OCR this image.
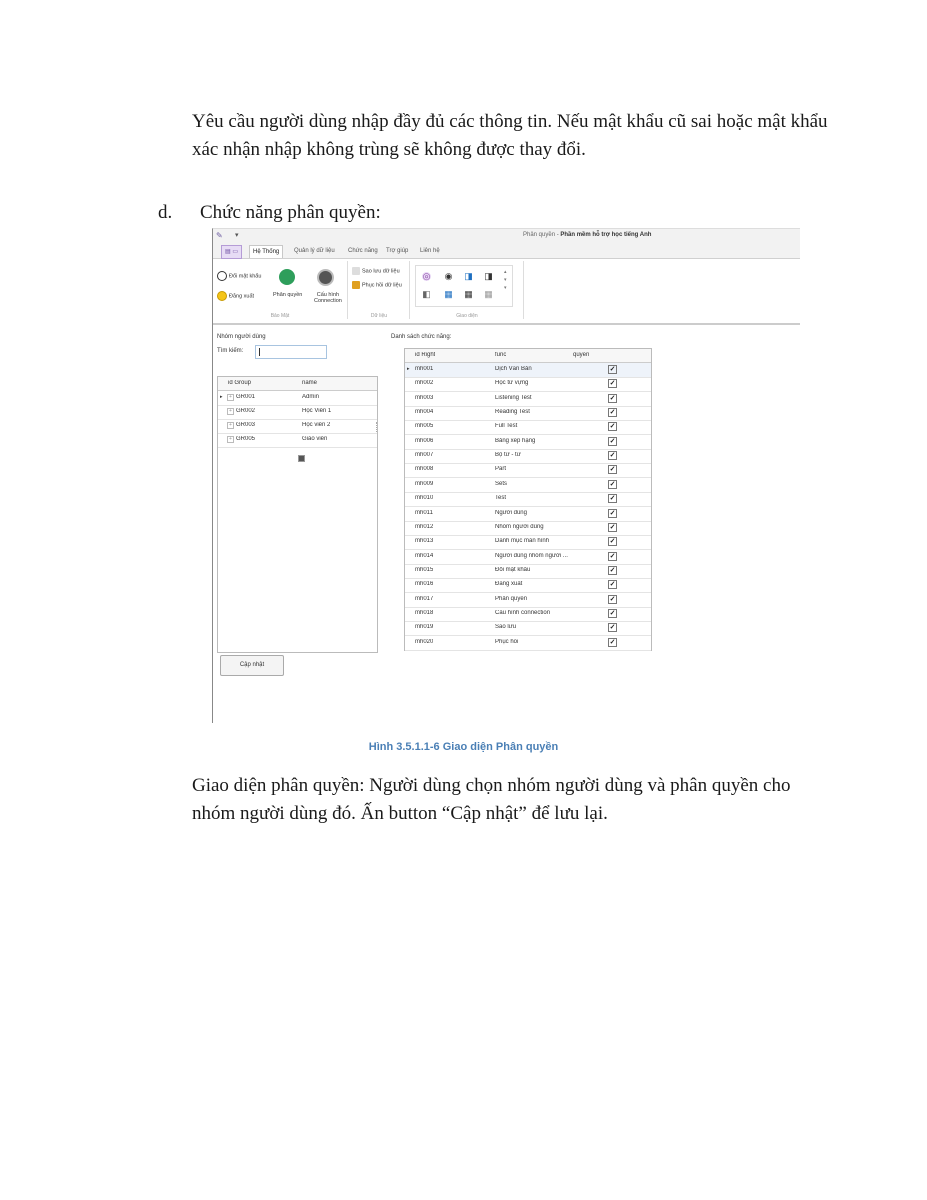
Yêu cầu người dùng nhập đầy đủ các thông tin. Nếu mật khẩu cũ sai hoặc mật khẩu xác nhận nhập không trùng sẽ không được thay đổi.
d. Chức năng phân quyền:
✎	▾	Phân quyền - Phần mềm hỗ trợ học tiếng Anh
▤ ▭	Hệ Thống	Quản lý dữ liệu	Chức năng	Trợ giúp	Liên hệ
Đổi mật khẩu
Đăng xuất	Phân quyền	Cấu hình
Connection
Bảo Mật
Sao lưu dữ liệu
Phục hồi dữ liệu
Dữ liệu
◎ ◉ ◨ ◨
◧ ▦ ▦ ▦
▴
▾
▾
Giao diện
Nhóm người dùng
Tìm kiếm:
id Group	name
▸	+ GR001	Admin
+ GR002	Học Viên 1
+ GR003	Học viên 2
+ GR005	Giáo viên
Cập nhật
Danh sách chức năng:
id Right	func	quyen
▸ mh001	Dịch Văn Bản	✓
mh002	Học từ vựng	✓
mh003	Listening Test	✓
mh004	Reading Test	✓
mh005	Full Test	✓
mh006	Bảng xếp hạng	✓
mh007	Bộ từ - từ	✓
mh008	Part	✓
mh009	Sets	✓
mh010	Test	✓
mh011	Người dùng	✓
mh012	Nhóm người dùng	✓
mh013	Danh mục màn hình	✓
mh014	Người dùng nhóm người ...	✓
mh015	Đổi mật khẩu	✓
mh016	Đăng xuất	✓
mh017	Phân quyền	✓
mh018	Cấu hình connection	✓
mh019	Sao lưu	✓
mh020	Phục hồi	✓
Hình 3.5.1.1-6 Giao diện Phân quyền
Giao diện phân quyền: Người dùng chọn nhóm người dùng và phân quyền cho nhóm người dùng đó. Ấn button “Cập nhật” để lưu lại.
